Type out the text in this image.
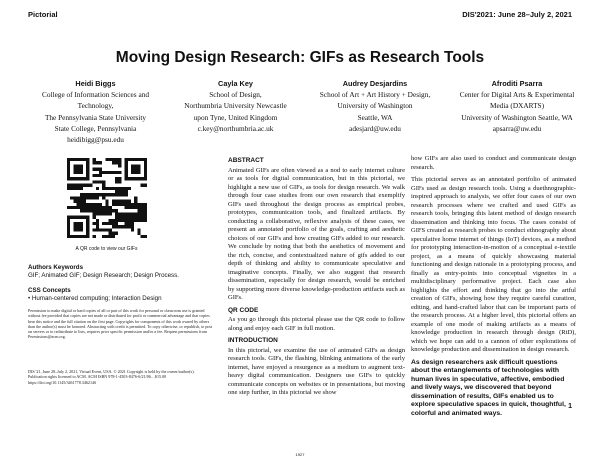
Pictorial	DIS'2021: June 28–July 2, 2021
Moving Design Research: GIFs as Research Tools
Heidi Biggs
College of Information Sciences and
Technology,
The Pennsylvania State University
State College, Pennsylvania
heidibigg@psu.edu
Cayla Key
School of Design,
Northumbria University Newcastle
upon Tyne, United Kingdom
c.key@northumbria.ac.uk
Audrey Desjardins
School of Art + Art History + Design,
University of Washington
Seattle, WA
adesjard@uw.edu
Afroditi Psarra
Center for Digital Arts & Experimental
Media (DXARTS)
University of Washington Seattle, WA
apsarra@uw.edu
A QR code to view our GIFs
Authors Keywords
GIF; Animated GIF; Design Research; Design Process.
CSS Concepts
• Human-centered computing; Interaction Design
Permission to make digital or hard copies of all or part of this work for personal or classroom use is granted without fee provided that copies are not made or distributed for profit or commercial advantage and that copies bear this notice and the full citation on the first page. Copyrights for components of this work owned by others than the author(s) must be honored. Abstracting with credit is permitted. To copy otherwise, or republish, to post on servers or to redistribute to lists, requires prior specific permission and/or a fee. Request permissions from Permissions@acm.org.
DIS '21, June 28–July 2, 2021, Virtual Event, USA. © 2021 Copyright is held by the owner/author(s). Publication rights licensed to ACM. ACM ISBN 978-1-4503-8476-6/21/06…$15.00 https://doi.org/10.1145/3461778.3462146
ABSTRACT

Animated GIFs are often viewed as a nod to early internet culture or as tools for digital communication, but in this pictorial, we highlight a new use of GIFs, as tools for design research. We walk through four case studies from our own research that exemplify GIFs used throughout the design process as empirical probes, prototypes, communication tools, and finalized artifacts. By conducting a collaborative, reflexive analysis of these cases, we present an annotated portfolio of the goals, crafting and aesthetic choices of our GIFs and how creating GIFs added to our research. We conclude by noting that both the aesthetics of movement and the rich, concise, and contextualized nature of gifs added to our depth of thinking and ability to communicate speculative and imaginative concepts. Finally, we also suggest that research dissemination, especially for design research, would be enriched by supporting more diverse knowledge-production artifacts such as GIFs.

QR CODE

As you go through this pictorial please use the QR code to follow along and enjoy each GIF in full motion.

INTRODUCTION

In this pictorial, we examine the use of animated GIFs as design research tools. GIFs, the flashing, blinking animations of the early internet, have enjoyed a resurgence as a medium to augment text-heavy digital communication. Designers use GIFs to quickly communicate concepts on websites or in presentations, but moving one step further, in this pictorial we show

how GIFs are also used to conduct and communicate design research.

This pictorial serves as an annotated portfolio of animated GIFs used as design research tools. Using a duethnographic-inspired approach to analysis, we offer four cases of our own research processes where we crafted and used GIFs as research tools, bringing this latent method of design research dissemination and thinking into focus. The cases consist of GIFS created as research probes to conduct ethnography about speculative home internet of things (IoT) devices, as a method for prototyping interaction-in-motion of a conceptual e-textile project, as a means of quickly showcasing material functioning and design rationale in a prototyping process, and finally as entry-points into conceptual vignettes in a multidisciplinary performative project. Each case also highlights the effort and thinking that go into the artful creation of GIFs, showing how they require careful curation, editing, and hand-crafted labor that can be important parts of the research process. At a higher level, this pictorial offers an example of one mode of making artifacts as a means of knowledge production in research through design (RtD), which we hope can add to a cannon of other explorations of knowledge production and dissemination in design research.

As design researchers ask difficult questions about the entanglements of technologies with human lives in speculative, affective, embodied and lively ways, we discovered that beyond dissemination of results, GIFs enabled us to explore speculative spaces in quick, thoughtful, colorful and animated ways.

1
1927
